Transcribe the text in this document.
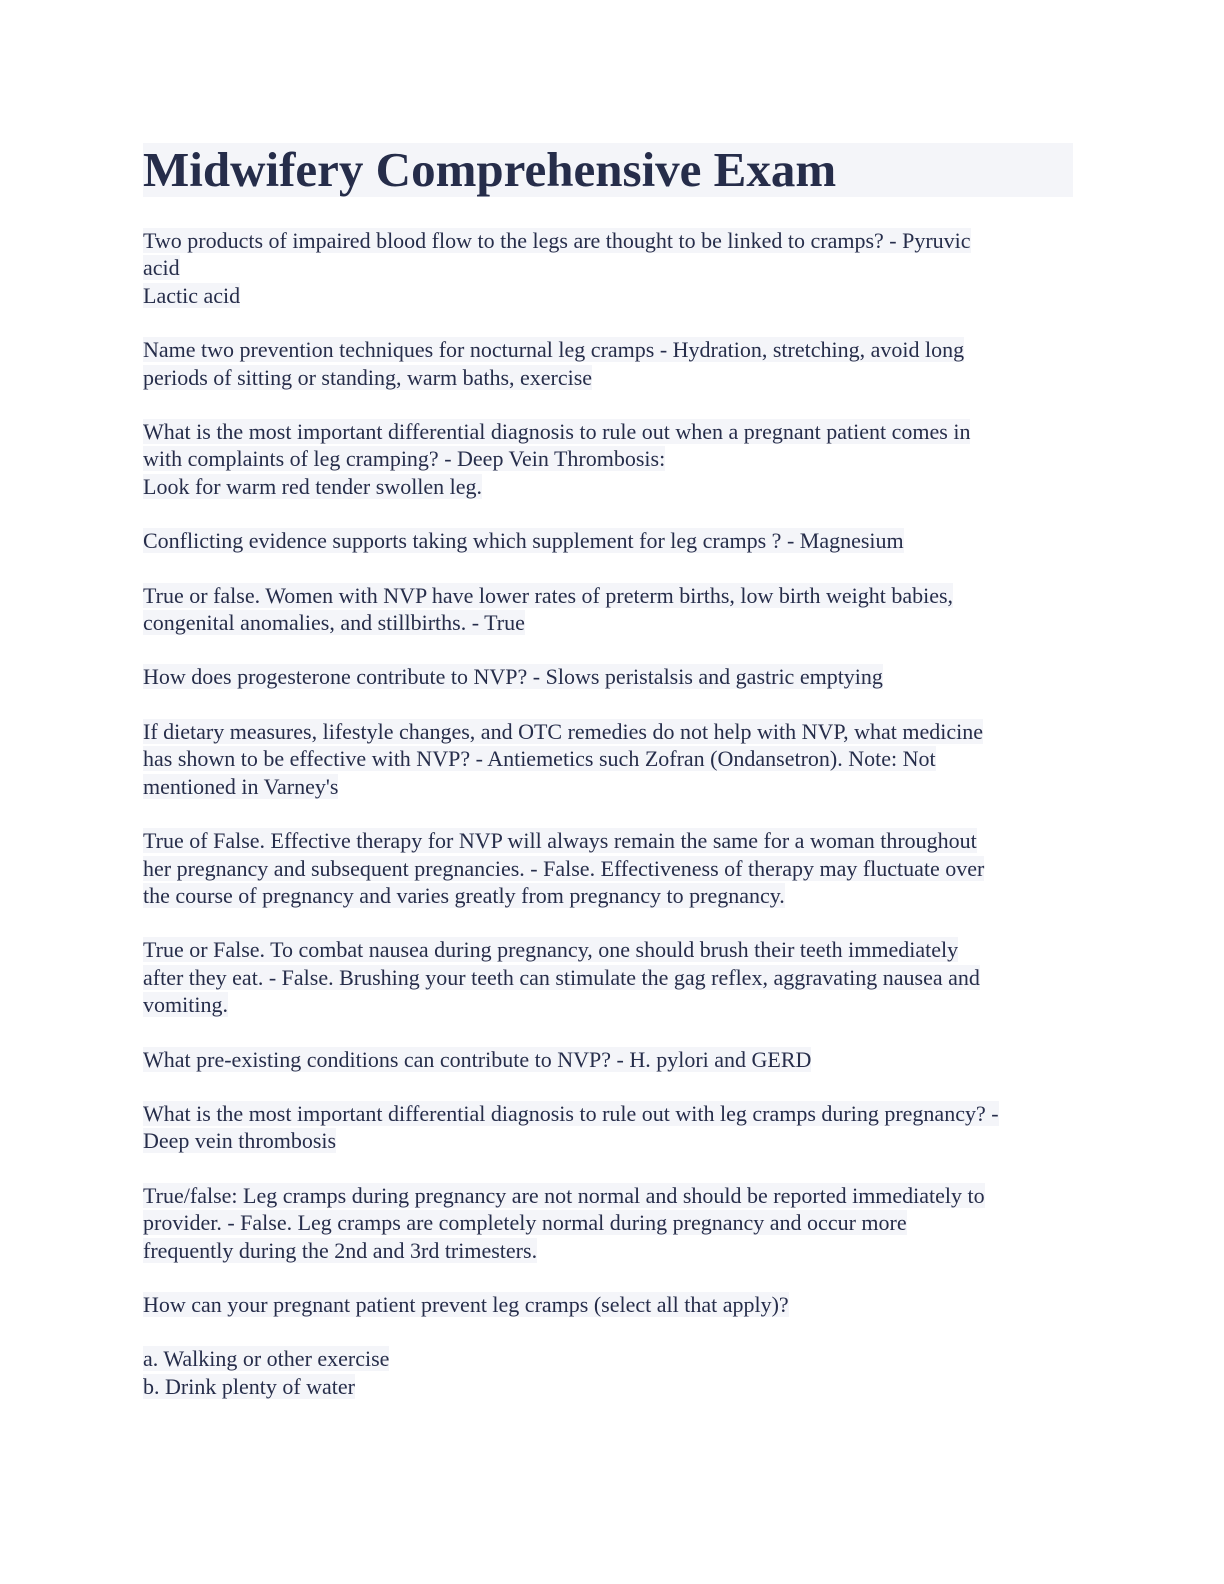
Midwifery Comprehensive Exam

Two products of impaired blood flow to the legs are thought to be linked to cramps? - Pyruvic
acid
Lactic acid

Name two prevention techniques for nocturnal leg cramps - Hydration, stretching, avoid long
periods of sitting or standing, warm baths, exercise

What is the most important differential diagnosis to rule out when a pregnant patient comes in
with complaints of leg cramping? - Deep Vein Thrombosis:
Look for warm red tender swollen leg.

Conflicting evidence supports taking which supplement for leg cramps ? - Magnesium

True or false. Women with NVP have lower rates of preterm births, low birth weight babies,
congenital anomalies, and stillbirths. - True

How does progesterone contribute to NVP? - Slows peristalsis and gastric emptying

If dietary measures, lifestyle changes, and OTC remedies do not help with NVP, what medicine
has shown to be effective with NVP? - Antiemetics such Zofran (Ondansetron). Note: Not
mentioned in Varney's

True of False. Effective therapy for NVP will always remain the same for a woman throughout
her pregnancy and subsequent pregnancies. - False. Effectiveness of therapy may fluctuate over
the course of pregnancy and varies greatly from pregnancy to pregnancy.

True or False. To combat nausea during pregnancy, one should brush their teeth immediately
after they eat. - False. Brushing your teeth can stimulate the gag reflex, aggravating nausea and
vomiting.

What pre-existing conditions can contribute to NVP? - H. pylori and GERD

What is the most important differential diagnosis to rule out with leg cramps during pregnancy? -
Deep vein thrombosis

True/false: Leg cramps during pregnancy are not normal and should be reported immediately to
provider. - False. Leg cramps are completely normal during pregnancy and occur more
frequently during the 2nd and 3rd trimesters.

How can your pregnant patient prevent leg cramps (select all that apply)?

a. Walking or other exercise
b. Drink plenty of water
